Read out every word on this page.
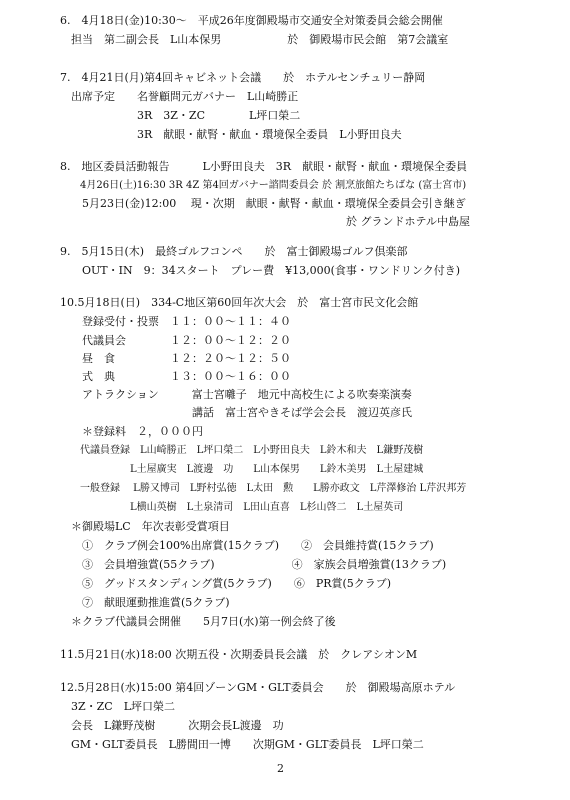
6.　4月18日(金)10:30～　平成26年度御殿場市交通安全対策委員会総会開催
　担当　第二副会長　L山本保男　　　　　　於　御殿場市民会館　第7会議室
7.　4月21日(月)第4回キャビネット会議　　於　ホテルセンチュリー静岡
　出席予定　　名誉顧問元ガバナー　L山崎勝正
　　　　　　　3R　3Z・ZC　　　　L坪口榮二
　　　　　　　3R　献眼・献腎・献血・環境保全委員　L小野田良夫
8.　地区委員活動報告　　　L小野田良夫　3R　献眼・献腎・献血・環境保全委員
　　4月26日(土)16:30 3R 4Z 第4回ガバナー諮問委員会 於 割烹旅館たちばな (富士宮市)
　　5月23日(金)12:00　 現・次期　献眼・献腎・献血・環境保全委員会引き継ぎ
　　　　　　　　　　　　　　　　　　　　　　　　　　於 グランドホテル中島屋
9.　5月15日(木)　最終ゴルフコンペ　　於　富士御殿場ゴルフ倶楽部
　　OUT・IN　9：34スタート　プレー費　¥13,000(食事・ワンドリンク付き)
10.5月18日(日)　334-C地区第60回年次大会　於　富士宮市民文化会館
　　登録受付・投票　１１：００～１１：４０
　　代議員会　　　　１２：００～１２：２０
　　昼　食　　　　　１２：２０～１２：５０
　　式　典　　　　　１３：００～１６：００
　　アトラクション　　　富士宮囃子　地元中高校生による吹奏楽演奏
　　　　　　　　　　　　講話　富士宮やきそば学会会長　渡辺英彦氏
　　＊登録料　２，０００円
　　代議員登録　L山崎勝正　L坪口榮二　L小野田良夫　L鈴木和夫　L鎌野茂樹
　　　　　　　L土屋廣実　L渡邊　功　　L山本保男　　L鈴木美男　L土屋建城
　　一般登録　 L勝又博司　L野村弘徳　L太田　勲　　L勝亦政文　L芹澤修治 L芹沢邦芳
　　　　　　　L横山英樹　L土泉清司　L田山直喜　L杉山啓二　L土屋英司
　＊御殿場LC　年次表彰受賞項目
　　①　クラブ例会100%出席賞(15クラブ)　　②　会員維持賞(15クラブ)
　　③　会員増強賞(55クラブ)　　　　　　　④　家族会員増強賞(13クラブ)
　　⑤　グッドスタンディング賞(5クラブ)　　⑥　PR賞(5クラブ)
　　⑦　献眼運動推進賞(5クラブ)
　＊クラブ代議員会開催　　5月7日(水)第一例会終了後
11.5月21日(水)18:00 次期五役・次期委員長会議　於　クレアシオンM
12.5月28日(水)15:00 第4回ゾーンGM・GLT委員会　　於　御殿場高原ホテル
　3Z・ZC　L坪口榮二
　会長　L鎌野茂樹　　　次期会長L渡邊　功
　GM・GLT委員長　L勝間田一博　　次期GM・GLT委員長　L坪口榮二
2
